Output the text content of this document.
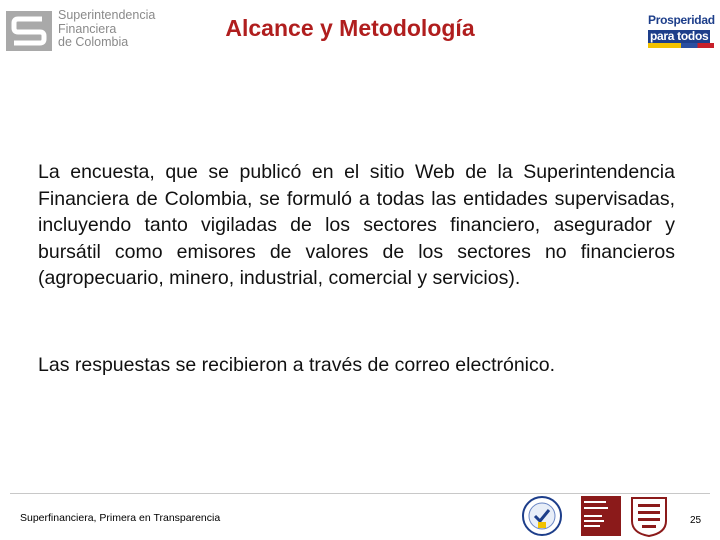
Superintendencia
Financiera
de Colombia
Alcance y Metodología	Prosperidad
para todos

La encuesta, que se publicó en el sitio Web de la Superintendencia Financiera de Colombia, se formuló a todas las entidades supervisadas, incluyendo tanto vigiladas de los sectores financiero, asegurador y bursátil como emisores de valores de los sectores no financieros (agropecuario, minero, industrial, comercial y servicios).

Las respuestas se recibieron a través de correo electrónico.

Superfinanciera, Primera en Transparencia	25
